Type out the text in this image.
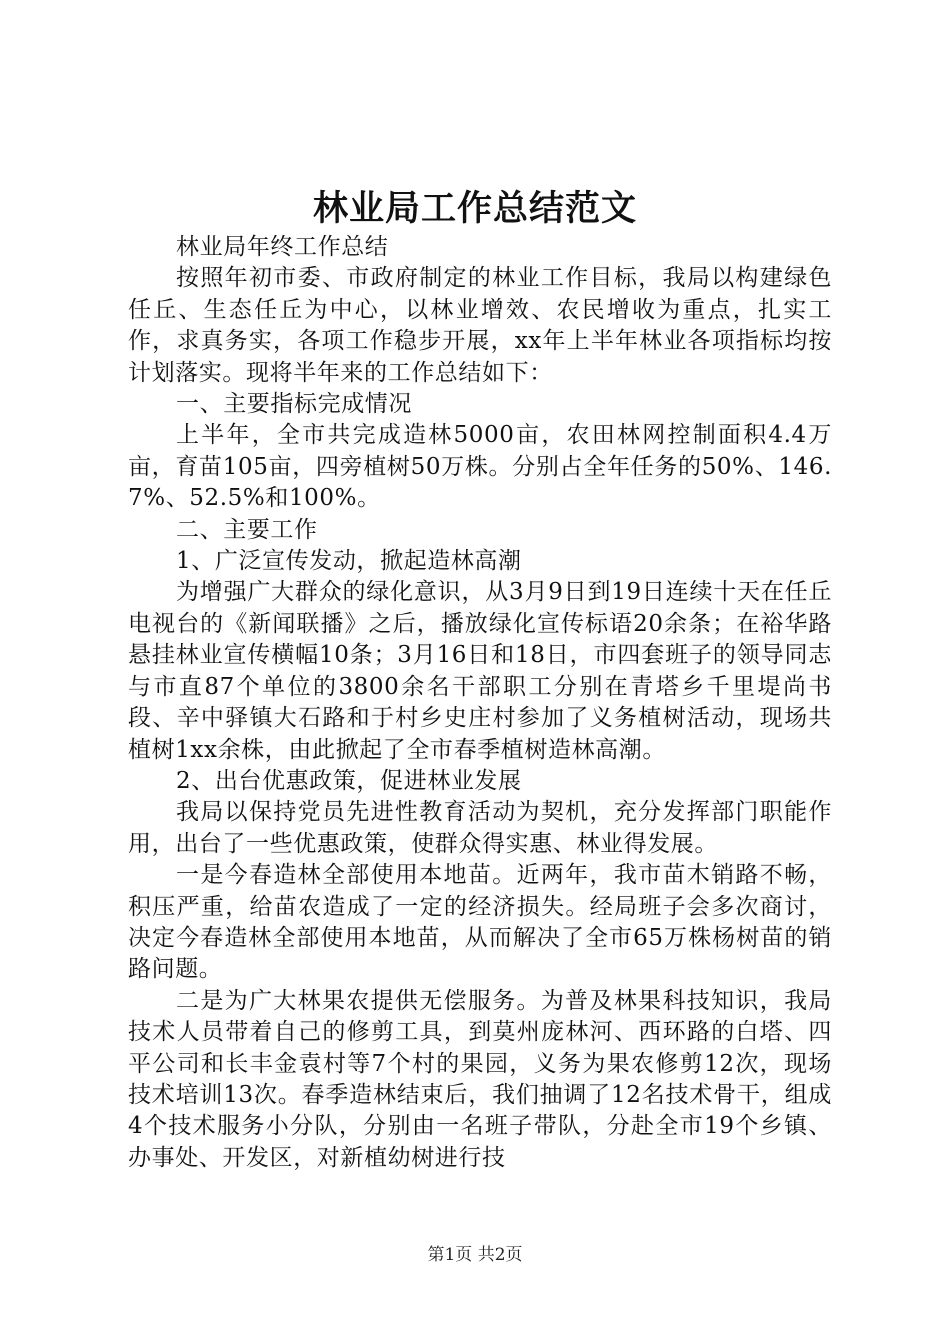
林业局工作总结范文

林业局年终工作总结

按照年初市委、市政府制定的林业工作目标，我局以构建绿色任丘、生态任丘为中心，以林业增效、农民增收为重点，扎实工作，求真务实，各项工作稳步开展，xx年上半年林业各项指标均按计划落实。现将半年来的工作总结如下：

一、主要指标完成情况

上半年，全市共完成造林5000亩，农田林网控制面积4.4万亩，育苗105亩，四旁植树50万株。分别占全年任务的50%、146.7%、52.5%和100%。

二、主要工作

1、广泛宣传发动，掀起造林高潮

为增强广大群众的绿化意识，从3月9日到19日连续十天在任丘电视台的《新闻联播》之后，播放绿化宣传标语20余条；在裕华路悬挂林业宣传横幅10条；3月16日和18日，市四套班子的领导同志与市直87个单位的3800余名干部职工分别在青塔乡千里堤尚书段、辛中驿镇大石路和于村乡史庄村参加了义务植树活动，现场共植树1xx余株，由此掀起了全市春季植树造林高潮。

2、出台优惠政策，促进林业发展

我局以保持党员先进性教育活动为契机，充分发挥部门职能作用，出台了一些优惠政策，使群众得实惠、林业得发展。

一是今春造林全部使用本地苗。近两年，我市苗木销路不畅，积压严重，给苗农造成了一定的经济损失。经局班子会多次商讨，决定今春造林全部使用本地苗，从而解决了全市65万株杨树苗的销路问题。

二是为广大林果农提供无偿服务。为普及林果科技知识，我局技术人员带着自己的修剪工具，到莫州庞林河、西环路的白塔、四平公司和长丰金袁村等7个村的果园，义务为果农修剪12次，现场技术培训13次。春季造林结束后，我们抽调了12名技术骨干，组成4个技术服务小分队，分别由一名班子带队，分赴全市19个乡镇、办事处、开发区，对新植幼树进行技

第1页 共2页
